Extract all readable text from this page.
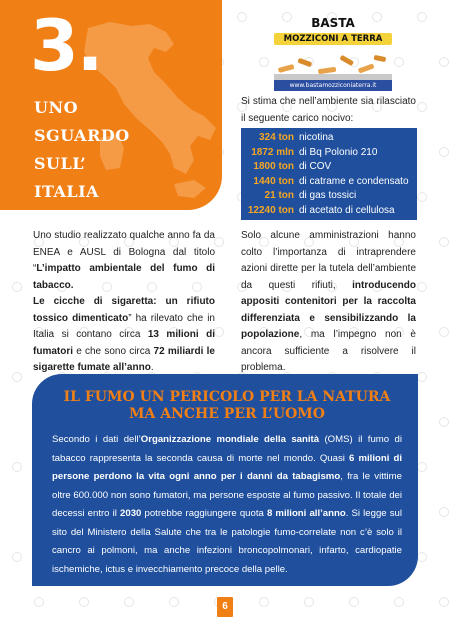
3.
UNO
SGUARDO
SULL’
ITALIA
BASTA
MOZZICONI A TERRA
www.bastamozziconiaterra.it
Si stima che nell’ambiente sia rilasciato il seguente carico nocivo:
324 ton nicotina
1872 mln di Bq Polonio 210
1800 ton di COV
1440 ton di catrame e condensato
21 ton di gas tossici
12240 ton di acetato di cellulosa
Uno studio realizzato qualche anno fa da ENEA e AUSL di Bologna dal titolo “L’impatto ambientale del fumo di tabacco.
Le cicche di sigaretta: un rifiuto tossico dimenticato” ha rilevato che in Italia si contano circa 13 milioni di fumatori e che sono circa 72 miliardi le sigarette fumate all’anno.
Solo alcune amministrazioni hanno colto l’importanza di intraprendere azioni dirette per la tutela dell’ambiente da questi rifiuti, introducendo appositi contenitori per la raccolta differenziata e sensibilizzando la popolazione, ma l’impegno non è ancora sufficiente a risolvere il problema.
IL FUMO UN PERICOLO PER LA NATURA
MA ANCHE PER L’UOMO
Secondo i dati dell’Organizzazione mondiale della sanità (OMS) il fumo di tabacco rappresenta la seconda causa di morte nel mondo. Quasi 6 milioni di persone perdono la vita ogni anno per i danni da tabagismo, fra le vittime oltre 600.000 non sono fumatori, ma persone esposte al fumo passivo. Il totale dei decessi entro il 2030 potrebbe raggiungere quota 8 milioni all’anno. Si legge sul sito del Ministero della Salute che tra le patologie fumo-correlate non c’è solo il cancro ai polmoni, ma anche infezioni broncopolmonari, infarto, cardiopatie ischemiche, ictus e invecchiamento precoce della pelle.
6
